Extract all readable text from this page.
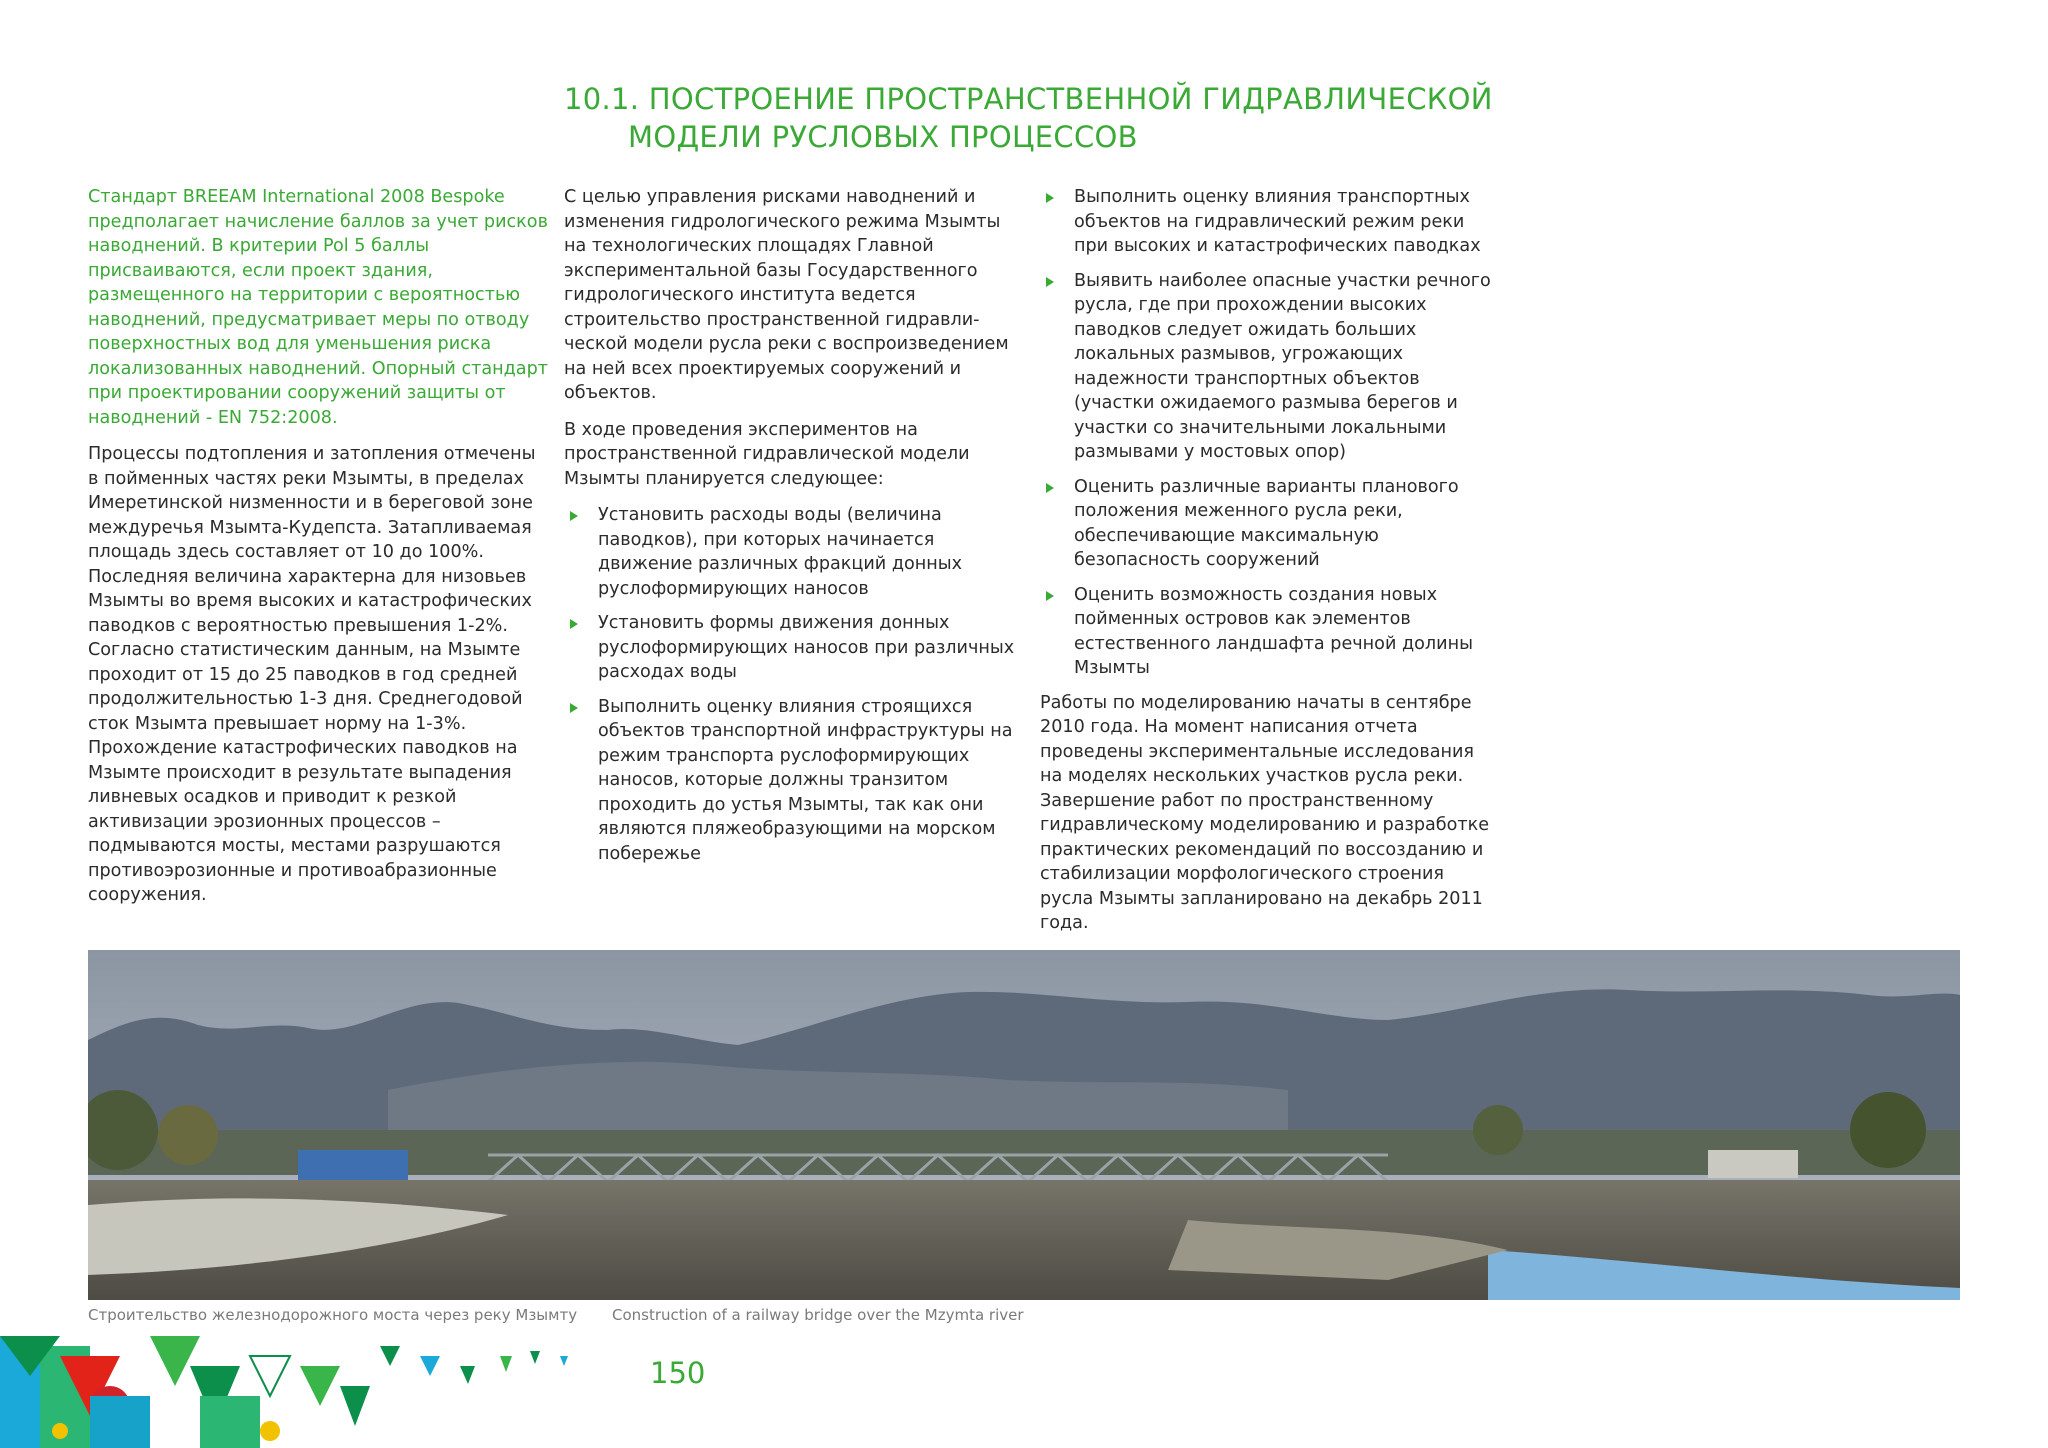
10.1. ПОСТРОЕНИЕ ПРОСТРАНСТВЕННОЙ ГИДРАВЛИЧЕСКОЙ
МОДЕЛИ РУСЛОВЫХ ПРОЦЕССОВ

Стандарт BREEAM International 2008 Bespoke предполагает начисление баллов за учет рисков наводнений. В критерии Pol 5 баллы присваиваются, если проект здания, размещенного на территории с вероятностью наводнений, предусматривает меры по отводу поверхностных вод для уменьшения риска локализованных наводнений. Опорный стандарт при проектировании сооружений защиты от наводнений - EN 752:2008.

Процессы подтопления и затопления отмечены в пойменных частях реки Мзымты, в пределах Имеретинской низменности и в береговой зоне междуречья Мзымта-Кудепста. Затапливаемая площадь здесь составляет от 10 до 100%. Последняя величина характерна для низовьев Мзымты во время высоких и катастрофических паводков с вероятностью превышения 1-2%. Согласно статистическим данным, на Мзымте проходит от 15 до 25 паводков в год средней продолжительностью 1-3 дня. Среднегодовой сток Мзымта превышает норму на 1-3%. Прохождение катастрофических паводков на Мзымте происходит в результате выпадения ливневых осадков и приводит к резкой активизации эрозионных процессов – подмываются мосты, местами разрушаются противоэрозионные и противоабразионные сооружения.

С целью управления рисками наводнений и изменения гидрологического режима Мзымты на технологических площадях Главной экспериментальной базы Государственного гидрологического института ведется строительство пространственной гидравли-ческой модели русла реки с воспроизведением на ней всех проектируемых сооружений и объектов.

В ходе проведения экспериментов на пространственной гидравлической модели Мзымты планируется следующее:

Установить расходы воды (величина паводков), при которых начинается движение различных фракций донных руслоформирующих наносов
Установить формы движения донных руслоформирующих наносов при различных расходах воды
Выполнить оценку влияния строящихся объектов транспортной инфраструктуры на режим транспорта руслоформирующих наносов, которые должны транзитом проходить до устья Мзымты, так как они являются пляжеобразующими на морском побережье
Выполнить оценку влияния транспортных объектов на гидравлический режим реки при высоких и катастрофических паводках
Выявить наиболее опасные участки речного русла, где при прохождении высоких паводков следует ожидать больших локальных размывов, угрожающих надежности транспортных объектов (участки ожидаемого размыва берегов и участки со значительными локальными размывами у мостовых опор)
Оценить различные варианты планового положения меженного русла реки, обеспечивающие максимальную безопасность сооружений
Оценить возможность создания новых пойменных островов как элементов естественного ландшафта речной долины Мзымты

Работы по моделированию начаты в сентябре 2010 года. На момент написания отчета проведены экспериментальные исследования на моделях нескольких участков русла реки. Завершение работ по пространственному гидравлическому моделированию и разработке практических рекомендаций по воссозданию и стабилизации морфологического строения русла Мзымты запланировано на декабрь 2011 года.

Строительство железнодорожного моста через реку Мзымту Construction of a railway bridge over the Mzymta river
150
